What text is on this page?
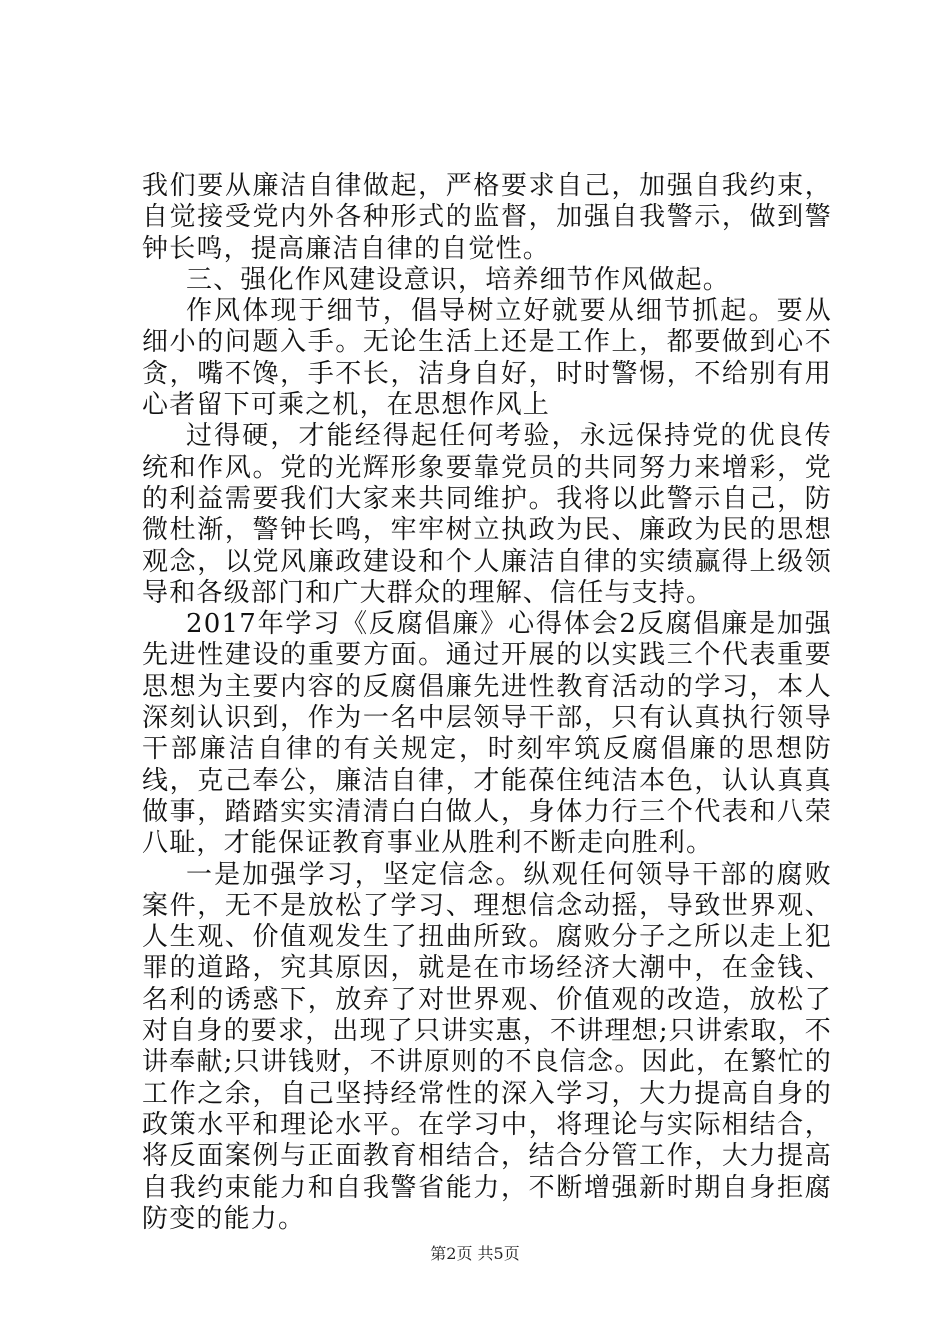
我们要从廉洁自律做起，严格要求自己，加强自我约束，自觉接受党内外各种形式的监督，加强自我警示，做到警钟长鸣，提高廉洁自律的自觉性。

三、强化作风建设意识，培养细节作风做起。

作风体现于细节，倡导树立好就要从细节抓起。要从细小的问题入手。无论生活上还是工作上，都要做到心不贪，嘴不馋，手不长，洁身自好，时时警惕，不给别有用心者留下可乘之机，在思想作风上

过得硬，才能经得起任何考验，永远保持党的优良传统和作风。党的光辉形象要靠党员的共同努力来增彩，党的利益需要我们大家来共同维护。我将以此警示自己，防微杜渐，警钟长鸣，牢牢树立执政为民、廉政为民的思想观念，以党风廉政建设和个人廉洁自律的实绩赢得上级领导和各级部门和广大群众的理解、信任与支持。

2017年学习《反腐倡廉》心得体会2反腐倡廉是加强先进性建设的重要方面。通过开展的以实践三个代表重要思想为主要内容的反腐倡廉先进性教育活动的学习，本人深刻认识到，作为一名中层领导干部，只有认真执行领导干部廉洁自律的有关规定，时刻牢筑反腐倡廉的思想防线，克己奉公，廉洁自律，才能葆住纯洁本色，认认真真做事，踏踏实实清清白白做人，身体力行三个代表和八荣八耻，才能保证教育事业从胜利不断走向胜利。

一是加强学习，坚定信念。纵观任何领导干部的腐败案件，无不是放松了学习、理想信念动摇，导致世界观、人生观、价值观发生了扭曲所致。腐败分子之所以走上犯罪的道路，究其原因，就是在市场经济大潮中，在金钱、名利的诱惑下，放弃了对世界观、价值观的改造，放松了对自身的要求，出现了只讲实惠，不讲理想;只讲索取，不讲奉献;只讲钱财，不讲原则的不良信念。因此，在繁忙的工作之余，自己坚持经常性的深入学习，大力提高自身的政策水平和理论水平。在学习中，将理论与实际相结合，将反面案例与正面教育相结合，结合分管工作，大力提高自我约束能力和自我警省能力，不断增强新时期自身拒腐防变的能力。

第2页 共5页
